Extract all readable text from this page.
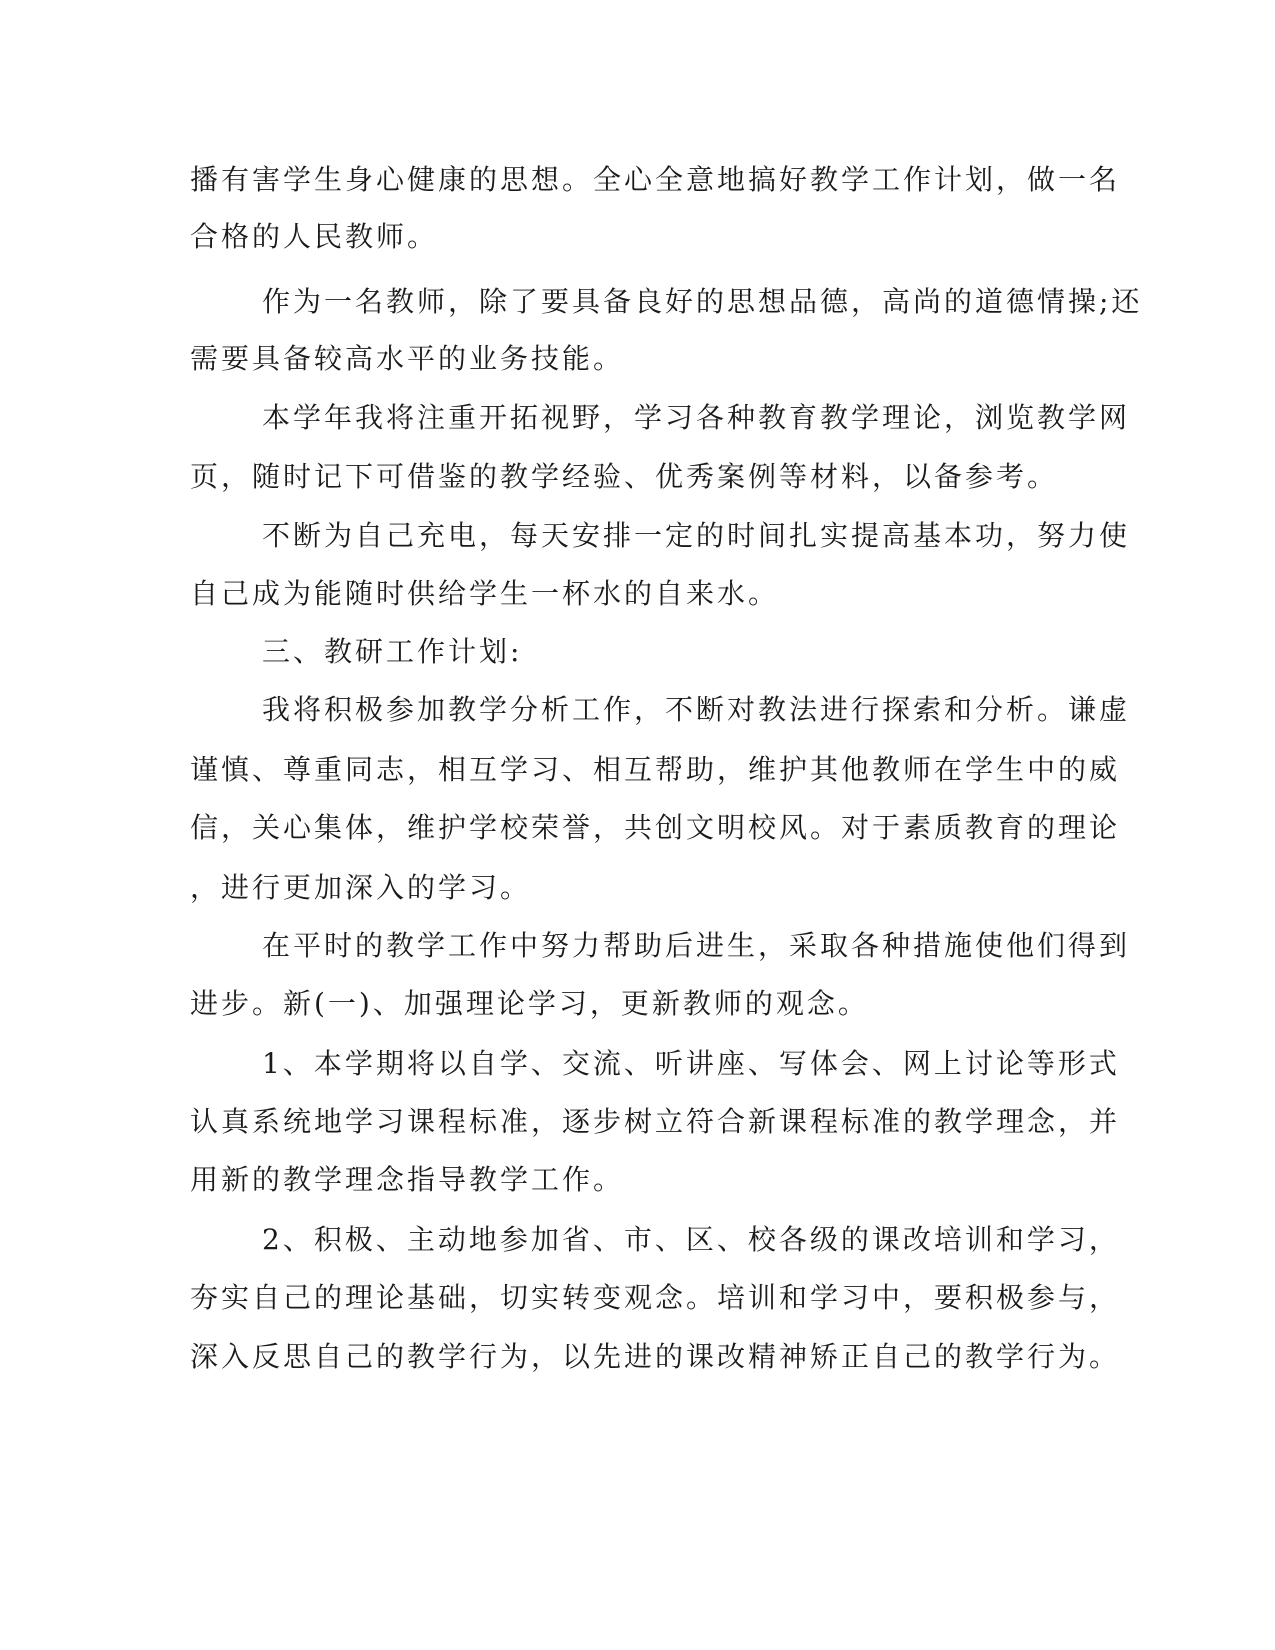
播有害学生身心健康的思想。全心全意地搞好教学工作计划，做一名
合格的人民教师。
作为一名教师，除了要具备良好的思想品德，高尚的道德情操;还
需要具备较高水平的业务技能。
本学年我将注重开拓视野，学习各种教育教学理论，浏览教学网
页，随时记下可借鉴的教学经验、优秀案例等材料，以备参考。
不断为自己充电，每天安排一定的时间扎实提高基本功，努力使
自己成为能随时供给学生一杯水的自来水。
三、教研工作计划:
我将积极参加教学分析工作，不断对教法进行探索和分析。谦虚
谨慎、尊重同志，相互学习、相互帮助，维护其他教师在学生中的威
信，关心集体，维护学校荣誉，共创文明校风。对于素质教育的理论
，进行更加深入的学习。
在平时的教学工作中努力帮助后进生，采取各种措施使他们得到
进步。新(一)、加强理论学习，更新教师的观念。
1、本学期将以自学、交流、听讲座、写体会、网上讨论等形式
认真系统地学习课程标准，逐步树立符合新课程标准的教学理念，并
用新的教学理念指导教学工作。
2、积极、主动地参加省、市、区、校各级的课改培训和学习，
夯实自己的理论基础，切实转变观念。培训和学习中，要积极参与，
深入反思自己的教学行为，以先进的课改精神矫正自己的教学行为。
